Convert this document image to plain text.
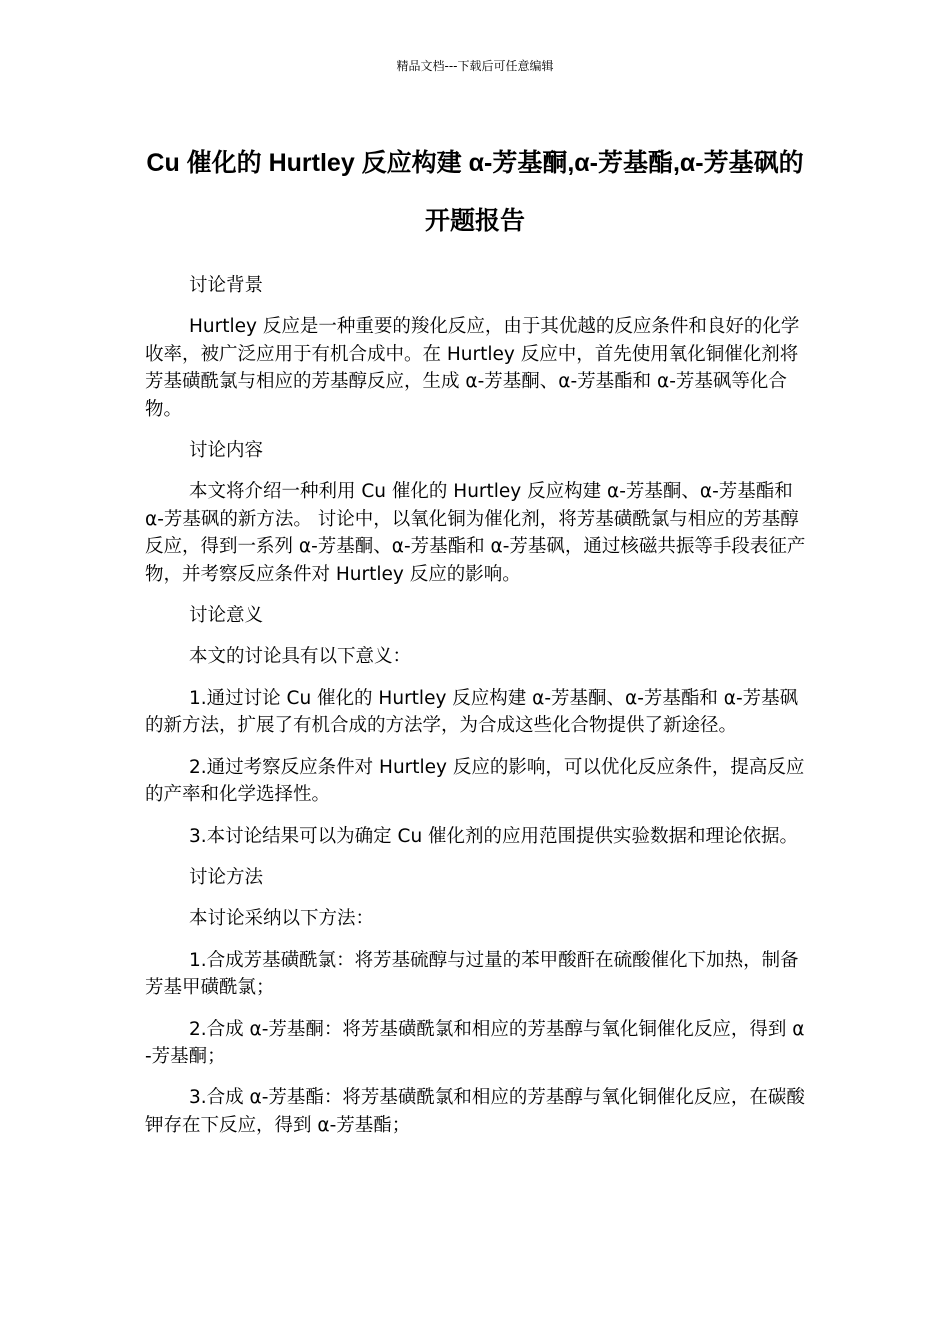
精品文档---下载后可任意编辑
Cu 催化的 Hurtley 反应构建 α-芳基酮,α-芳基酯,α-芳基砜的开题报告

讨论背景

Hurtley 反应是一种重要的羧化反应，由于其优越的反应条件和良好的化学收率，被广泛应用于有机合成中。在 Hurtley 反应中，首先使用氧化铜催化剂将芳基磺酰氯与相应的芳基醇反应，生成 α-芳基酮、α-芳基酯和 α-芳基砜等化合物。

讨论内容

本文将介绍一种利用 Cu 催化的 Hurtley 反应构建 α-芳基酮、α-芳基酯和 α-芳基砜的新方法。 讨论中，以氧化铜为催化剂，将芳基磺酰氯与相应的芳基醇反应，得到一系列 α-芳基酮、α-芳基酯和 α-芳基砜，通过核磁共振等手段表征产物，并考察反应条件对 Hurtley 反应的影响。

讨论意义

本文的讨论具有以下意义：

1.通过讨论 Cu 催化的 Hurtley 反应构建 α-芳基酮、α-芳基酯和 α-芳基砜的新方法，扩展了有机合成的方法学，为合成这些化合物提供了新途径。

2.通过考察反应条件对 Hurtley 反应的影响，可以优化反应条件，提高反应的产率和化学选择性。

3.本讨论结果可以为确定 Cu 催化剂的应用范围提供实验数据和理论依据。

讨论方法

本讨论采纳以下方法：

1.合成芳基磺酰氯：将芳基硫醇与过量的苯甲酸酐在硫酸催化下加热，制备芳基甲磺酰氯；

2.合成 α-芳基酮：将芳基磺酰氯和相应的芳基醇与氧化铜催化反应，得到 α-芳基酮；

3.合成 α-芳基酯：将芳基磺酰氯和相应的芳基醇与氧化铜催化反应，在碳酸钾存在下反应，得到 α-芳基酯；
